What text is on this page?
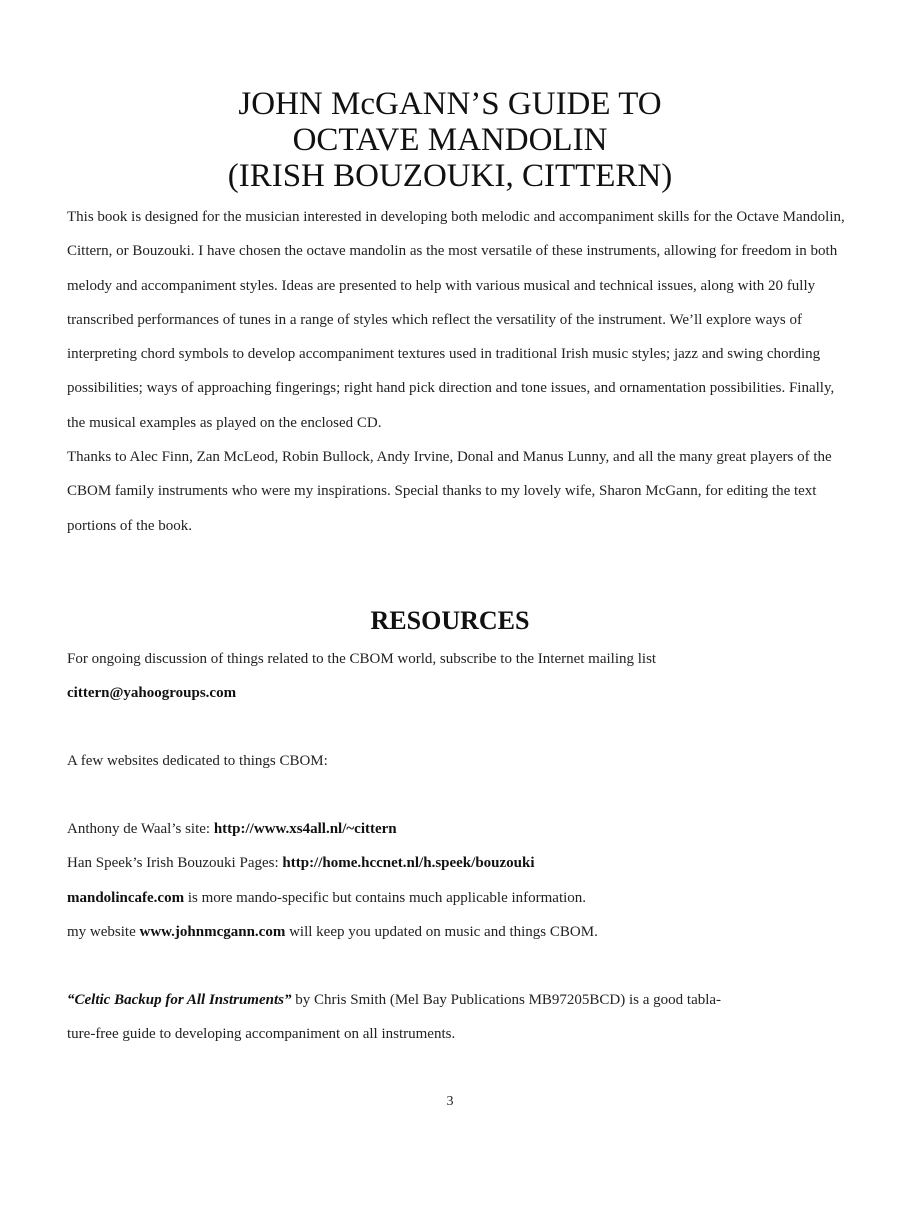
JOHN McGANN’S GUIDE TO
OCTAVE MANDOLIN
(IRISH BOUZOUKI, CITTERN)

This book is designed for the musician interested in developing both melodic and accompaniment skills for the Octave Mandolin, Cittern, or Bouzouki. I have chosen the octave mandolin as the most versatile of these instruments, allowing for freedom in both melody and accompaniment styles. Ideas are presented to help with various musical and technical issues, along with 20 fully transcribed performances of tunes in a range of styles which reflect the versatility of the instrument. We’ll explore ways of interpreting chord symbols to develop accompaniment textures used in traditional Irish music styles; jazz and swing chording possibilities; ways of approaching fingerings; right hand pick direction and tone issues, and ornamentation possibilities. Finally, the musical examples as played on the enclosed CD.

Thanks to Alec Finn, Zan McLeod, Robin Bullock, Andy Irvine, Donal and Manus Lunny, and all the many great players of the CBOM family instruments who were my inspirations. Special thanks to my lovely wife, Sharon McGann, for editing the text portions of the book.

RESOURCES
For ongoing discussion of things related to the CBOM world, subscribe to the Internet mailing list
cittern@yahoogroups.com
A few websites dedicated to things CBOM:
Anthony de Waal’s site: http://www.xs4all.nl/~cittern
Han Speek’s Irish Bouzouki Pages: http://home.hccnet.nl/h.speek/bouzouki
mandolincafe.com is more mando-specific but contains much applicable information.
my website www.johnmcgann.com will keep you updated on music and things CBOM.
“Celtic Backup for All Instruments” by Chris Smith (Mel Bay Publications MB97205BCD) is a good tabla-
ture-free guide to developing accompaniment on all instruments.
3
